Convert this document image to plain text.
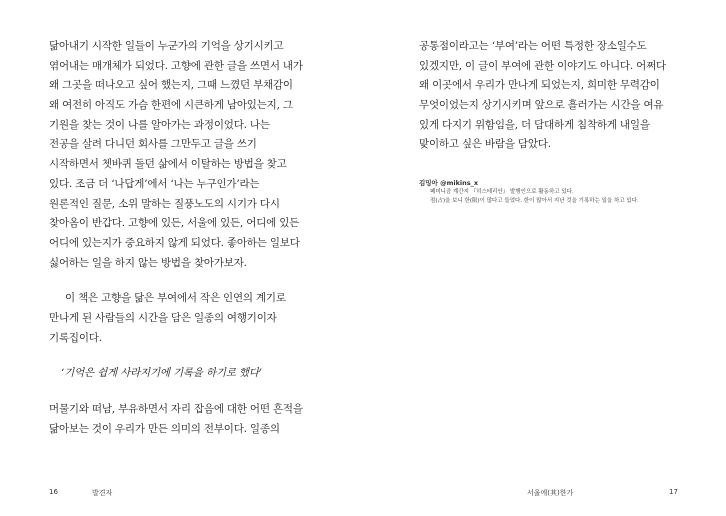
닮아내기 시작한 일들이 누군가의 기억을 상기시키고
엮어내는 매개체가 되었다. 고향에 관한 글을 쓰면서 내가
왜 그곳을 떠나오고 싶어 했는지, 그때 느꼈던 부채감이
왜 여전히 아직도 가슴 한편에 시큰하게 남아있는지, 그
기원을 찾는 것이 나를 알아가는 과정이었다. 나는
전공을 살려 다니던 회사를 그만두고 글을 쓰기
시작하면서 쳇바퀴 돌던 삶에서 이탈하는 방법을 찾고
있다. 조금 더 ‘나답게’에서 ‘나는 누구인가’라는
원론적인 질문, 소위 말하는 질풍노도의 시기가 다시
찾아옴이 반갑다. 고향에 있든, 서울에 있든, 어디에 있든
어디에 있는지가 중요하지 않게 되었다. 좋아하는 일보다
싫어하는 일을 하지 않는 방법을 찾아가보자.
이 책은 고향을 닮은 부여에서 작은 인연의 계기로
만나게 된 사람들의 시간을 담은 일종의 여행기이자
기록집이다.
‘기억은 쉽게 사라지기에 기록을 하기로 했다’
머물기와 떠남, 부유하면서 자리 잡음에 대한 어떤 흔적을
닮아보는 것이 우리가 만든 의미의 전부이다. 일종의
16	발견자
공통점이라고는 ‘부여’라는 어떤 특정한 장소일수도
있겠지만, 이 글이 부여에 관한 이야기도 아니다. 어쩌다
왜 이곳에서 우리가 만나게 되었는지, 희미한 무력감이
무엇이었는지 상기시키며 앞으로 흘러가는 시간을 여유
있게 다지기 위함임을, 더 담대하게 침착하게 내일을
맞이하고 싶은 바람을 담았다.
김밍아 @mikins_x
페미니즘 계간지 『히스테리안』 발행인으로 활동하고 있다.
점(占)을 보니 한(限)이 많다고 들었다. 한이 많아서 지난 것을 기록하는 일을 하고 있다.
서울에(其)한가	17
